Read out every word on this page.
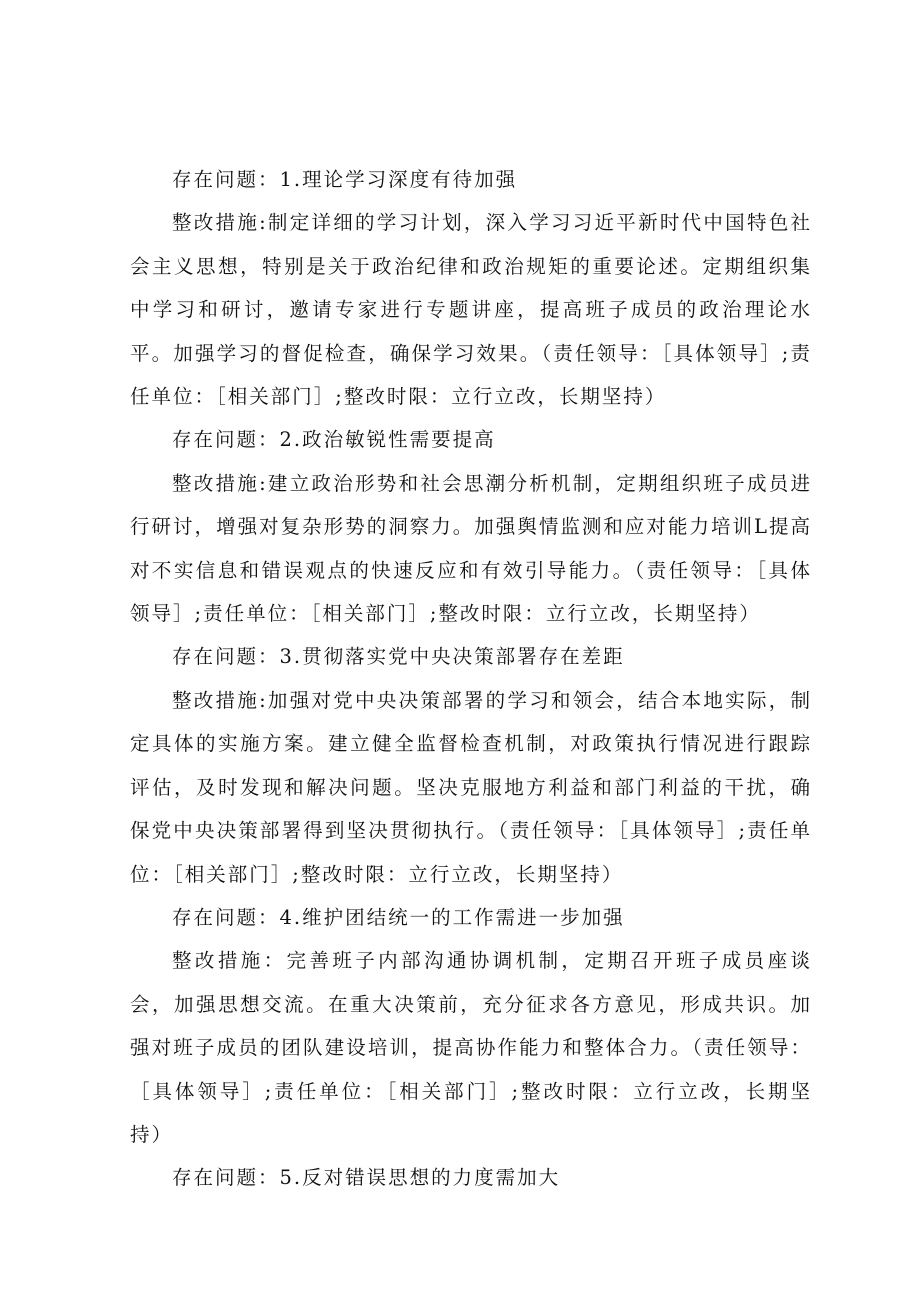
存在问题：1.理论学习深度有待加强

整改措施:制定详细的学习计划，深入学习习近平新时代中国特色社会主义思想，特别是关于政治纪律和政治规矩的重要论述。定期组织集中学习和研讨，邀请专家进行专题讲座，提高班子成员的政治理论水平。加强学习的督促检查，确保学习效果。（责任领导：［具体领导］;责任单位：［相关部门］;整改时限：立行立改，长期坚持）

存在问题：2.政治敏锐性需要提高

整改措施:建立政治形势和社会思潮分析机制，定期组织班子成员进行研讨，增强对复杂形势的洞察力。加强舆情监测和应对能力培训L提高对不实信息和错误观点的快速反应和有效引导能力。（责任领导：［具体领导］;责任单位：［相关部门］;整改时限：立行立改，长期坚持）

存在问题：3.贯彻落实党中央决策部署存在差距

整改措施:加强对党中央决策部署的学习和领会，结合本地实际，制定具体的实施方案。建立健全监督检查机制，对政策执行情况进行跟踪评估，及时发现和解决问题。坚决克服地方利益和部门利益的干扰，确保党中央决策部署得到坚决贯彻执行。（责任领导：［具体领导］;责任单位：［相关部门］;整改时限：立行立改，长期坚持）

存在问题：4.维护团结统一的工作需进一步加强

整改措施：完善班子内部沟通协调机制，定期召开班子成员座谈会，加强思想交流。在重大决策前，充分征求各方意见，形成共识。加强对班子成员的团队建设培训，提高协作能力和整体合力。（责任领导：［具体领导］;责任单位：［相关部门］;整改时限：立行立改，长期坚持）

存在问题：5.反对错误思想的力度需加大
